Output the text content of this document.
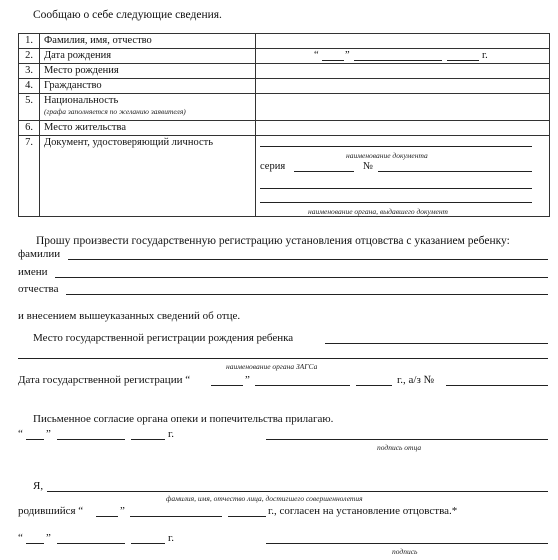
Сообщаю о себе следующие сведения.
1.	Фамилия, имя, отчество	
2.	Дата рождения	“ ” г.

3.	Место рождения	
4.	Гражданство	
5.	Национальность
(графа заполняется по желанию заявителя)	

6.	Место жительства	
7.	Документ, удостоверяющий личность	наименование документа
серия №
наименование органа, выдавшего документ
Прошу произвести государственную регистрацию установления отцовства с указанием ребенку:
фамилии
имени
отчества
и внесением вышеуказанных сведений об отце.
Место государственной регистрации рождения ребенка
наименование органа ЗАГСа
Дата государственной регистрации “	”	г., а/з №
Письменное согласие органа опеки и попечительства прилагаю.
“ ”	г.
подпись отца
Я,
фамилия, имя, отчество лица, достигшего совершеннолетия
родившийся “	”	г., согласен на установление отцовства.*
“ ”	г.
подпись
